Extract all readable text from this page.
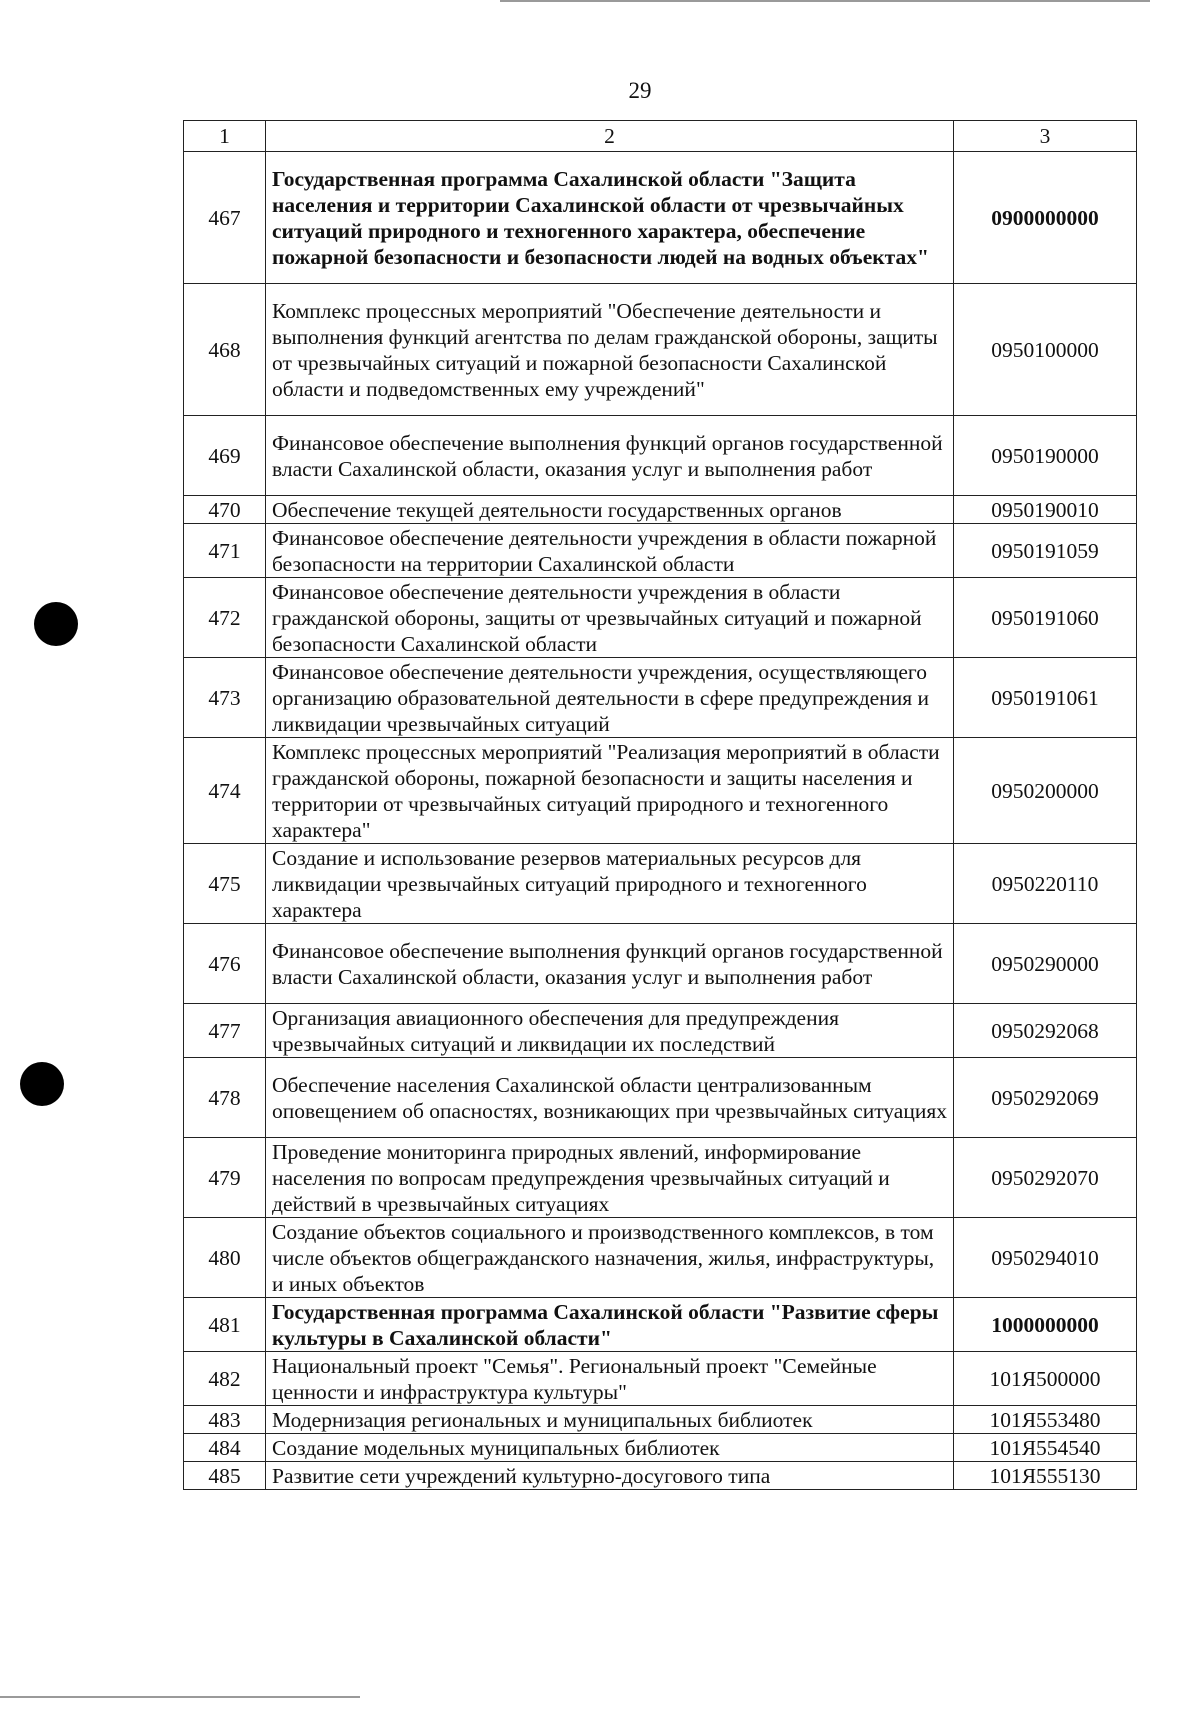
29
1	2	3
467	Государственная программа Сахалинской области "Защита населения и территории Сахалинской области от чрезвычайных ситуаций природного и техногенного характера, обеспечение пожарной безопасности и безопасности людей на водных объектах"	0900000000
468	Комплекс процессных мероприятий "Обеспечение деятельности и выполнения функций агентства по делам гражданской обороны, защиты от чрезвычайных ситуаций и пожарной безопасности Сахалинской области и подведомственных ему учреждений"	0950100000
469	Финансовое обеспечение выполнения функций органов государственной власти Сахалинской области, оказания услуг и выполнения работ	0950190000
470	Обеспечение текущей деятельности государственных органов	0950190010
471	Финансовое обеспечение деятельности учреждения в области пожарной безопасности на территории Сахалинской области	0950191059
472	Финансовое обеспечение деятельности учреждения в области гражданской обороны, защиты от чрезвычайных ситуаций и пожарной безопасности Сахалинской области	0950191060
473	Финансовое обеспечение деятельности учреждения, осуществляющего организацию образовательной деятельности в сфере предупреждения и ликвидации чрезвычайных ситуаций	0950191061
474	Комплекс процессных мероприятий "Реализация мероприятий в области гражданской обороны, пожарной безопасности и защиты населения и территории от чрезвычайных ситуаций природного и техногенного характера"	0950200000
475	Создание и использование резервов материальных ресурсов для ликвидации чрезвычайных ситуаций природного и техногенного характера	0950220110
476	Финансовое обеспечение выполнения функций органов государственной власти Сахалинской области, оказания услуг и выполнения работ	0950290000
477	Организация авиационного обеспечения для предупреждения чрезвычайных ситуаций и ликвидации их последствий	0950292068
478	Обеспечение населения Сахалинской области централизованным оповещением об опасностях, возникающих при чрезвычайных ситуациях	0950292069
479	Проведение мониторинга природных явлений, информирование населения по вопросам предупреждения чрезвычайных ситуаций и действий в чрезвычайных ситуациях	0950292070
480	Создание объектов социального и производственного комплексов, в том числе объектов общегражданского назначения, жилья, инфраструктуры, и иных объектов	0950294010
481	Государственная программа Сахалинской области "Развитие сферы культуры в Сахалинской области"	1000000000
482	Национальный проект "Семья". Региональный проект "Семейные ценности и инфраструктура культуры"	101Я500000
483	Модернизация региональных и муниципальных библиотек	101Я553480
484	Создание модельных муниципальных библиотек	101Я554540
485	Развитие сети учреждений культурно-досугового типа	101Я555130
